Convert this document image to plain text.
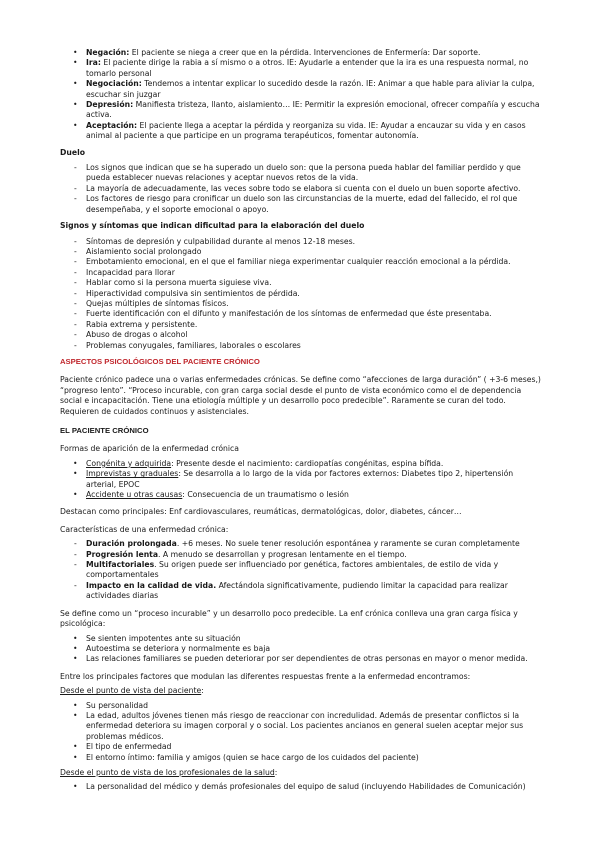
• Negación: El paciente se niega a creer que en la pérdida. Intervenciones de Enfermería: Dar soporte.
• Ira: El paciente dirige la rabia a sí mismo o a otros. IE: Ayudarle a entender que la ira es una respuesta normal, no tomarlo personal
• Negociación: Tendemos a intentar explicar lo sucedido desde la razón. IE: Animar a que hable para aliviar la culpa, escuchar sin juzgar
• Depresión: Manifiesta tristeza, llanto, aislamiento… IE: Permitir la expresión emocional, ofrecer compañía y escucha activa.
• Aceptación: El paciente llega a aceptar la pérdida y reorganiza su vida. IE: Ayudar a encauzar su vida y en casos animal al paciente a que participe en un programa terapéuticos, fomentar autonomía.
Duelo
- Los signos que indican que se ha superado un duelo son: que la persona pueda hablar del familiar perdido y que pueda establecer nuevas relaciones y aceptar nuevos retos de la vida.
- La mayoría de adecuadamente, las veces sobre todo se elabora si cuenta con el duelo un buen soporte afectivo.
- Los factores de riesgo para cronificar un duelo son las circunstancias de la muerte, edad del fallecido, el rol que desempeñaba, y el soporte emocional o apoyo.
Signos y síntomas que indican dificultad para la elaboración del duelo
- Síntomas de depresión y culpabilidad durante al menos 12-18 meses.
- Aislamiento social prolongado
- Embotamiento emocional, en el que el familiar niega experimentar cualquier reacción emocional a la pérdida.
- Incapacidad para llorar
- Hablar como si la persona muerta siguiese viva.
- Hiperactividad compulsiva sin sentimientos de pérdida.
- Quejas múltiples de síntomas físicos.
- Fuerte identificación con el difunto y manifestación de los síntomas de enfermedad que éste presentaba.
- Rabia extrema y persistente.
- Abuso de drogas o alcohol
- Problemas conyugales, familiares, laborales o escolares
ASPECTOS PSICOLÓGICOS DEL PACIENTE CRÓNICO
Paciente crónico padece una o varias enfermedades crónicas. Se define como “afecciones de larga duración” ( +3-6 meses,) “progreso lento”. “Proceso incurable, con gran carga social desde el punto de vista económico como el de dependencia social e incapacitación. Tiene una etiología múltiple y un desarrollo poco predecible”. Raramente se curan del todo. Requieren de cuidados continuos y asistenciales.
EL PACIENTE CRÓNICO
Formas de aparición de la enfermedad crónica
• Congénita y adquirida: Presente desde el nacimiento: cardiopatías congénitas, espina bífida.
• Imprevistas y graduales: Se desarrolla a lo largo de la vida por factores externos: Diabetes tipo 2, hipertensión arterial, EPOC
• Accidente u otras causas: Consecuencia de un traumatismo o lesión
Destacan como principales: Enf cardiovasculares, reumáticas, dermatológicas, dolor, diabetes, cáncer…
Características de una enfermedad crónica:
- Duración prolongada. +6 meses. No suele tener resolución espontánea y raramente se curan completamente
- Progresión lenta. A menudo se desarrollan y progresan lentamente en el tiempo.
- Multifactoriales. Su origen puede ser influenciado por genética, factores ambientales, de estilo de vida y comportamentales
- Impacto en la calidad de vida. Afectándola significativamente, pudiendo limitar la capacidad para realizar actividades diarias
Se define como un “proceso incurable” y un desarrollo poco predecible. La enf crónica conlleva una gran carga física y psicológica:
• Se sienten impotentes ante su situación
• Autoestima se deteriora y normalmente es baja
• Las relaciones familiares se pueden deteriorar por ser dependientes de otras personas en mayor o menor medida.
Entre los principales factores que modulan las diferentes respuestas frente a la enfermedad encontramos:
Desde el punto de vista del paciente:
• Su personalidad
• La edad, adultos jóvenes tienen más riesgo de reaccionar con incredulidad. Además de presentar conflictos si la enfermedad deteriora su imagen corporal y o social. Los pacientes ancianos en general suelen aceptar mejor sus problemas médicos.
• El tipo de enfermedad
• El entorno íntimo: familia y amigos (quien se hace cargo de los cuidados del paciente)
Desde el punto de vista de los profesionales de la salud:
• La personalidad del médico y demás profesionales del equipo de salud (incluyendo Habilidades de Comunicación)
